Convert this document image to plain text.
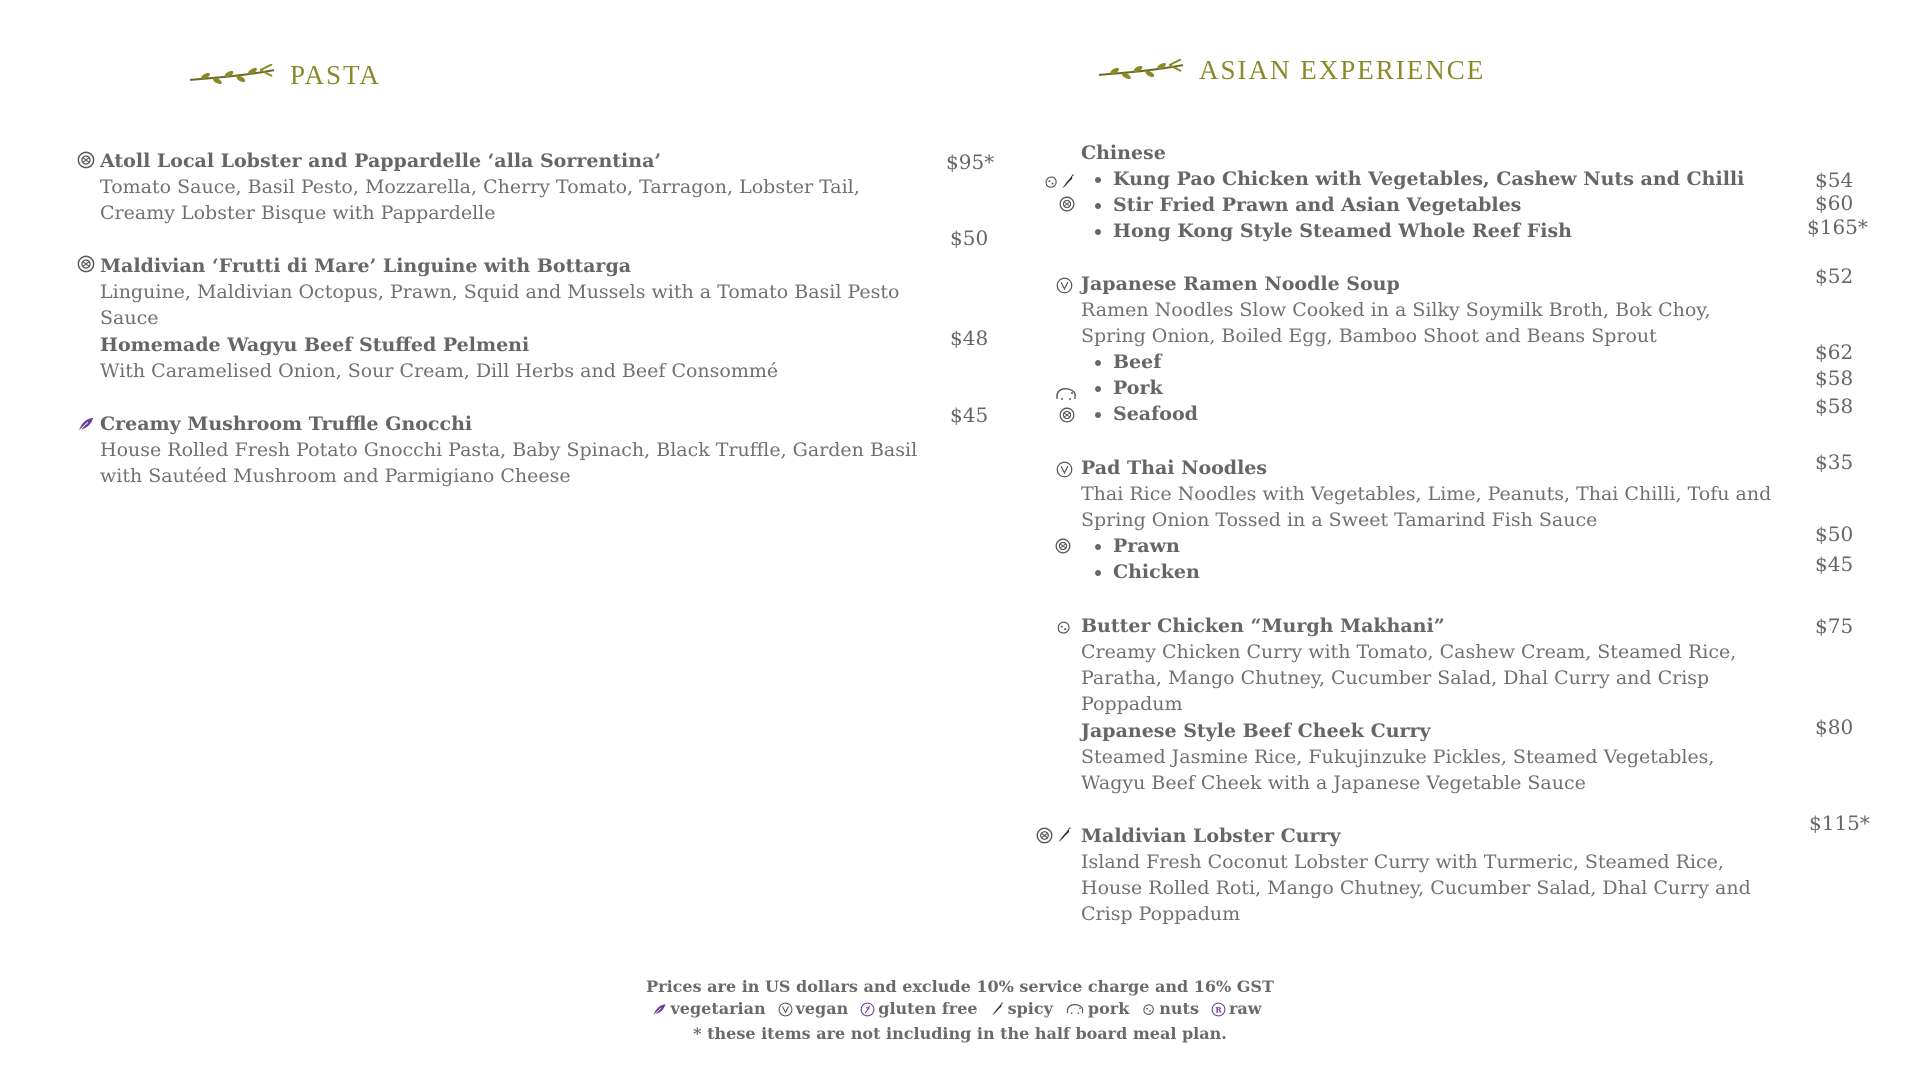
PASTA	ASIAN EXPERIENCE
Atoll Local Lobster and Pappardelle ‘alla Sorrentina’
Tomato Sauce, Basil Pesto, Mozzarella, Cherry Tomato, Tarragon, Lobster Tail, Creamy Lobster Bisque with Pappardelle
$95*
$50
Maldivian ‘Frutti di Mare’ Linguine with Bottarga
Linguine, Maldivian Octopus, Prawn, Squid and Mussels with a Tomato Basil Pesto Sauce
Homemade Wagyu Beef Stuffed Pelmeni
With Caramelised Onion, Sour Cream, Dill Herbs and Beef Consommé
$48
Creamy Mushroom Truffle Gnocchi
House Rolled Fresh Potato Gnocchi Pasta, Baby Spinach, Black Truffle, Garden Basil with Sautéed Mushroom and Parmigiano Cheese
$45
Chinese
• Kung Pao Chicken with Vegetables, Cashew Nuts and Chilli
• Stir Fried Prawn and Asian Vegetables
• Hong Kong Style Steamed Whole Reef Fish
$54
$60
$165*
Japanese Ramen Noodle Soup
Ramen Noodles Slow Cooked in a Silky Soymilk Broth, Bok Choy, Spring Onion, Boiled Egg, Bamboo Shoot and Beans Sprout
• Beef
• Pork
• Seafood
$52
$62
$58
$58
Pad Thai Noodles
Thai Rice Noodles with Vegetables, Lime, Peanuts, Thai Chilli, Tofu and Spring Onion Tossed in a Sweet Tamarind Fish Sauce
• Prawn
• Chicken
$35
$50
$45
Butter Chicken “Murgh Makhani”
Creamy Chicken Curry with Tomato, Cashew Cream, Steamed Rice, Paratha, Mango Chutney, Cucumber Salad, Dhal Curry and Crisp Poppadum
$75
Japanese Style Beef Cheek Curry
Steamed Jasmine Rice, Fukujinzuke Pickles, Steamed Vegetables, Wagyu Beef Cheek with a Japanese Vegetable Sauce
$80
Maldivian Lobster Curry
Island Fresh Coconut Lobster Curry with Turmeric, Steamed Rice, House Rolled Roti, Mango Chutney, Cucumber Salad, Dhal Curry and Crisp Poppadum
$115*
Prices are in US dollars and exclude 10% service charge and 16% GST
vegetarian vegan gluten free spicy pork nuts raw
* these items are not including in the half board meal plan.
